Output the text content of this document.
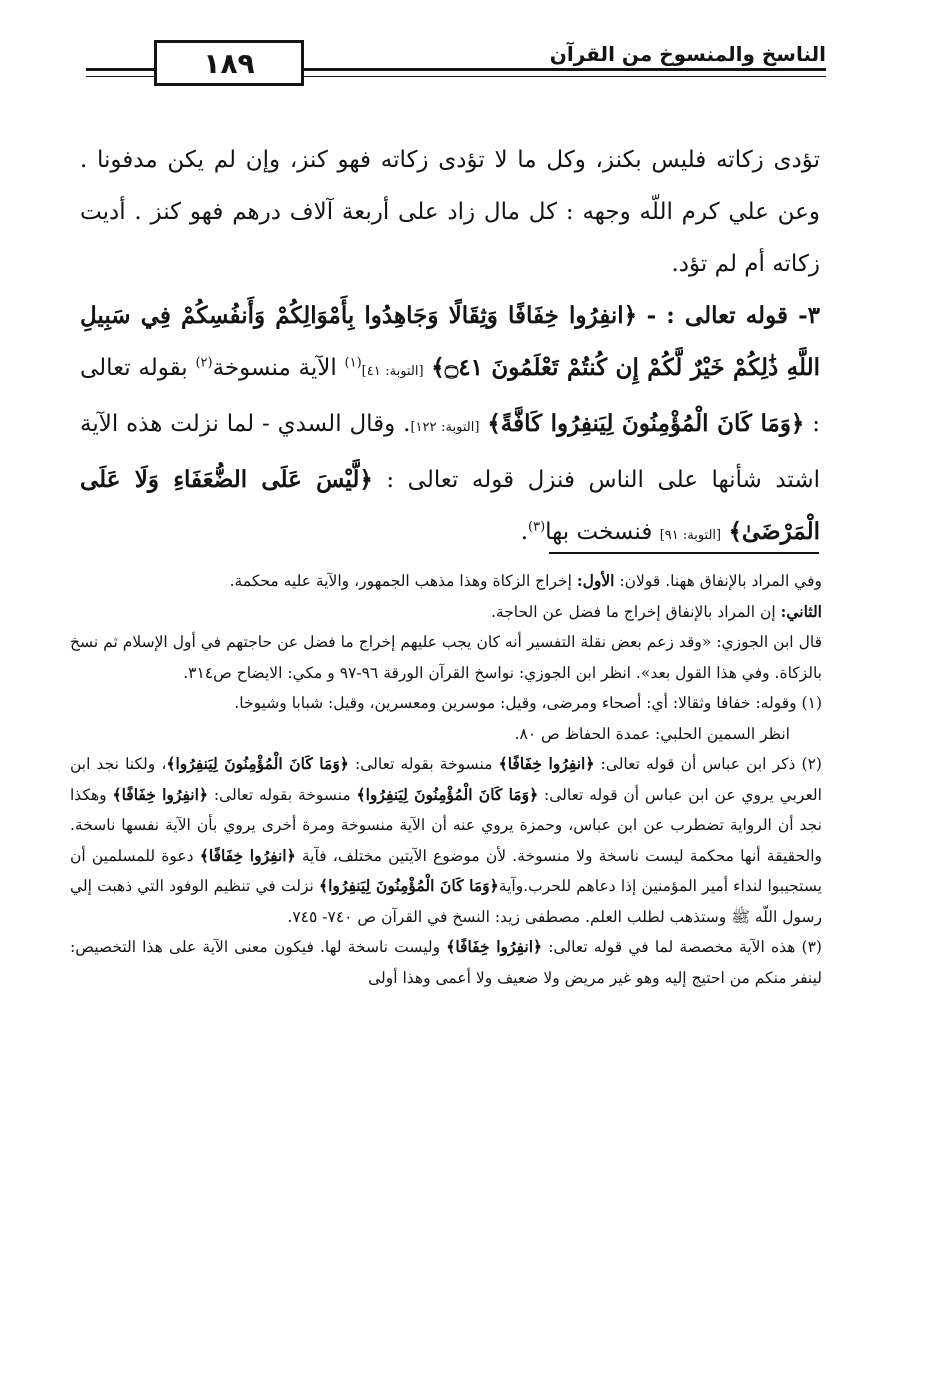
١٨٩	الناسخ والمنسوخ من القرآن

تؤدى زكاته فليس بكنز، وكل ما لا تؤدى زكاته فهو كنز، وإن لم يكن مدفونا . وعن علي كرم اللّه وجهه : كل مال زاد على أربعة آلاف درهم فهو كنز . أديت زكاته أم لم تؤد.

٣- قوله تعالى : - ﴿انفِرُوا خِفَافًا وَثِقَالًا وَجَاهِدُوا بِأَمْوَالِكُمْ وَأَنفُسِكُمْ فِي سَبِيلِ اللَّهِ ذَٰلِكُمْ خَيْرٌ لَّكُمْ إِن كُنتُمْ تَعْلَمُونَ ۝٤١﴾ [التوبة: ٤١]$^{(١)}$ الآية منسوخة$^{(٢)}$ بقوله تعالى : ﴿وَمَا كَانَ الْمُؤْمِنُونَ لِيَنفِرُوا كَافَّةً﴾ [التوبة: ١٢٢]. وقال السدي - لما نزلت هذه الآية اشتد شأنها على الناس فنزل قوله تعالى : ﴿لَّيْسَ عَلَى الضُّعَفَاءِ وَلَا عَلَى الْمَرْضَىٰ﴾ [التوبة: ٩١] فنسخت بها$^{(٣)}$.

وفي المراد بالإنفاق ههنا. قولان: الأول: إخراج الزكاة وهذا مذهب الجمهور، والآية عليه محكمة.

الثاني: إن المراد بالإنفاق إخراج ما فضل عن الحاجة.

قال ابن الجوزي: «وقد زعم بعض نقلة التفسير أنه كان يجب عليهم إخراج ما فضل عن حاجتهم في أول الإسلام ثم نسخ بالزكاة. وفي هذا القول بعد». انظر ابن الجوزي: نواسخ القرآن الورقة ٩٦-٩٧ و مكي: الايضاح ص٣١٤.

(١) وقوله: خفافا وثقالا: أي: أصحاء ومرضى، وقيل: موسرين ومعسرين، وقيل: شبابا وشيوخا.
انظر السمين الحلبي: عمدة الحفاظ ص ٨٠.

(٢) ذكر ابن عباس أن قوله تعالى: ﴿انفِرُوا خِفَافًا﴾ منسوخة بقوله تعالى: ﴿وَمَا كَانَ الْمُؤْمِنُونَ لِيَنفِرُوا﴾، ولكنا نجد ابن العربي يروي عن ابن عباس أن قوله تعالى: ﴿وَمَا كَانَ الْمُؤْمِنُونَ لِيَنفِرُوا﴾ منسوخة بقوله تعالى: ﴿انفِرُوا خِفَافًا﴾ وهكذا نجد أن الرواية تضطرب عن ابن عباس، وحمزة يروي عنه أن الآية منسوخة ومرة أخرى يروي بأن الآية نفسها ناسخة. والحقيقة أنها محكمة ليست ناسخة ولا منسوخة. لأن موضوع الآيتين مختلف، فآية ﴿انفِرُوا خِفَافًا﴾ دعوة للمسلمين أن يستجيبوا لنداء أمير المؤمنين إذا دعاهم للحرب.وآية﴿وَمَا كَانَ الْمُؤْمِنُونَ لِيَنفِرُوا﴾ نزلت في تنظيم الوفود التي ذهبت إلي رسول اللّه ﷺ وستذهب لطلب العلم. مصطفى زيد: النسخ في القرآن ص ٧٤٠- ٧٤٥.

(٣) هذه الآية مخصصة لما في قوله تعالى: ﴿انفِرُوا خِفَافًا﴾ وليست ناسخة لها. فيكون معنى الآية على هذا التخصيص: لينفر منكم من احتيج إليه وهو غير مريض ولا ضعيف ولا أعمى وهذا أولى
